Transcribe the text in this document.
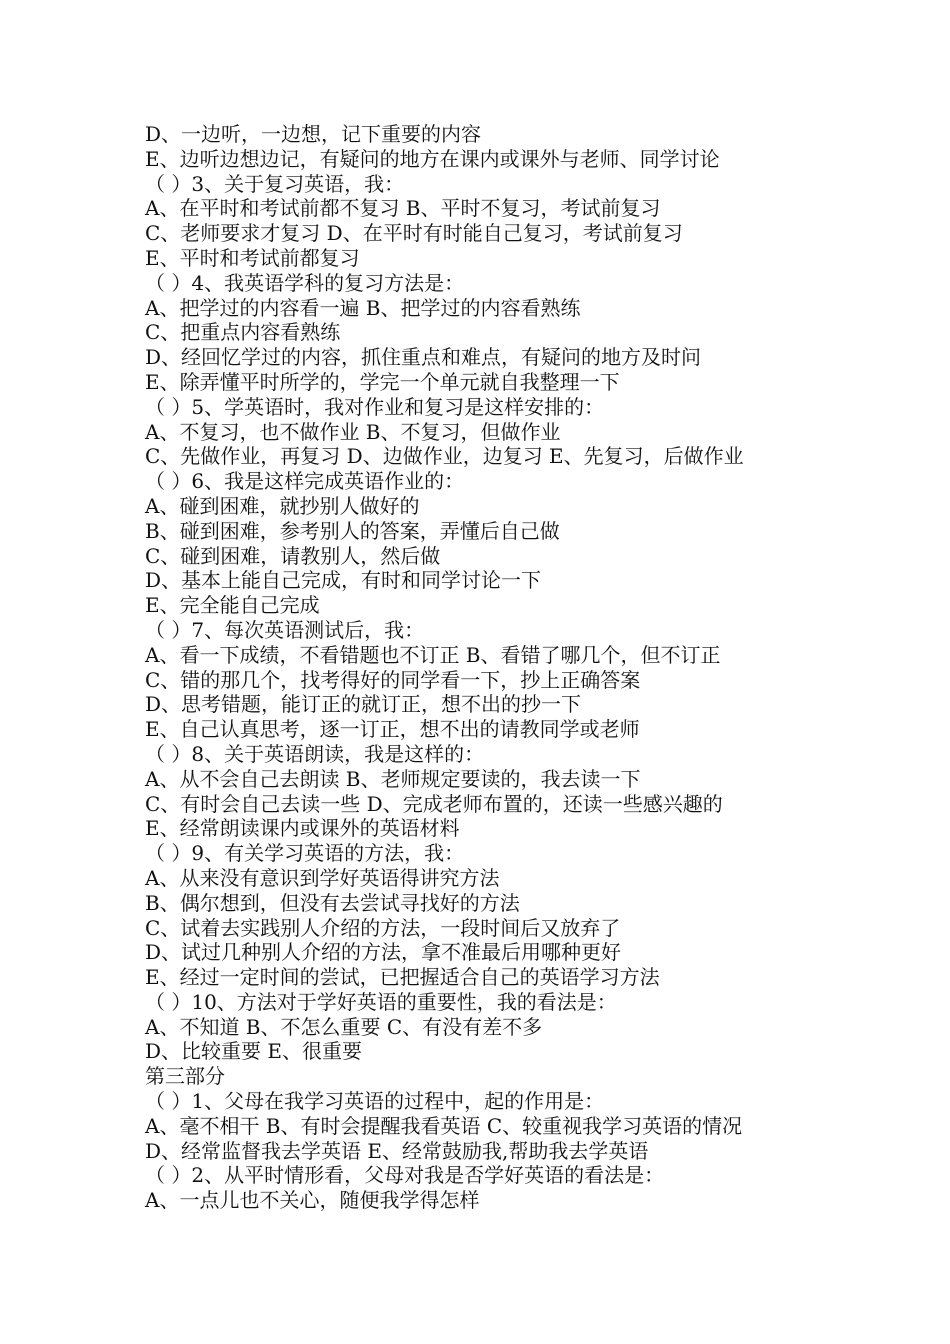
D、一边听，一边想，记下重要的内容
E、边听边想边记，有疑问的地方在课内或课外与老师、同学讨论
（ ）3、关于复习英语，我：
A、在平时和考试前都不复习 B、平时不复习，考试前复习
C、老师要求才复习 D、在平时有时能自己复习，考试前复习
E、平时和考试前都复习
（ ）4、我英语学科的复习方法是：
A、把学过的内容看一遍 B、把学过的内容看熟练
C、把重点内容看熟练
D、经回忆学过的内容，抓住重点和难点，有疑问的地方及时问
E、除弄懂平时所学的，学完一个单元就自我整理一下
（ ）5、学英语时，我对作业和复习是这样安排的：
A、不复习，也不做作业 B、不复习，但做作业
C、先做作业，再复习 D、边做作业，边复习 E、先复习，后做作业
（ ）6、我是这样完成英语作业的：
A、碰到困难，就抄别人做好的
B、碰到困难，参考别人的答案，弄懂后自己做
C、碰到困难，请教别人，然后做
D、基本上能自己完成，有时和同学讨论一下
E、完全能自己完成
（ ）7、每次英语测试后，我：
A、看一下成绩，不看错题也不订正 B、看错了哪几个，但不订正
C、错的那几个，找考得好的同学看一下，抄上正确答案
D、思考错题，能订正的就订正，想不出的抄一下
E、自己认真思考，逐一订正，想不出的请教同学或老师
（ ）8、关于英语朗读，我是这样的：
A、从不会自己去朗读 B、老师规定要读的，我去读一下
C、有时会自己去读一些 D、完成老师布置的，还读一些感兴趣的
E、经常朗读课内或课外的英语材料
（ ）9、有关学习英语的方法，我：
A、从来没有意识到学好英语得讲究方法
B、偶尔想到，但没有去尝试寻找好的方法
C、试着去实践别人介绍的方法，一段时间后又放弃了
D、试过几种别人介绍的方法，拿不准最后用哪种更好
E、经过一定时间的尝试，已把握适合自己的英语学习方法
（ ）10、方法对于学好英语的重要性，我的看法是：
A、不知道 B、不怎么重要 C、有没有差不多
D、比较重要 E、很重要
第三部分
（ ）1、父母在我学习英语的过程中，起的作用是：
A、毫不相干 B、有时会提醒我看英语 C、较重视我学习英语的情况
D、经常监督我去学英语 E、经常鼓励我,帮助我去学英语
（ ）2、从平时情形看，父母对我是否学好英语的看法是：
A、一点儿也不关心，随便我学得怎样
